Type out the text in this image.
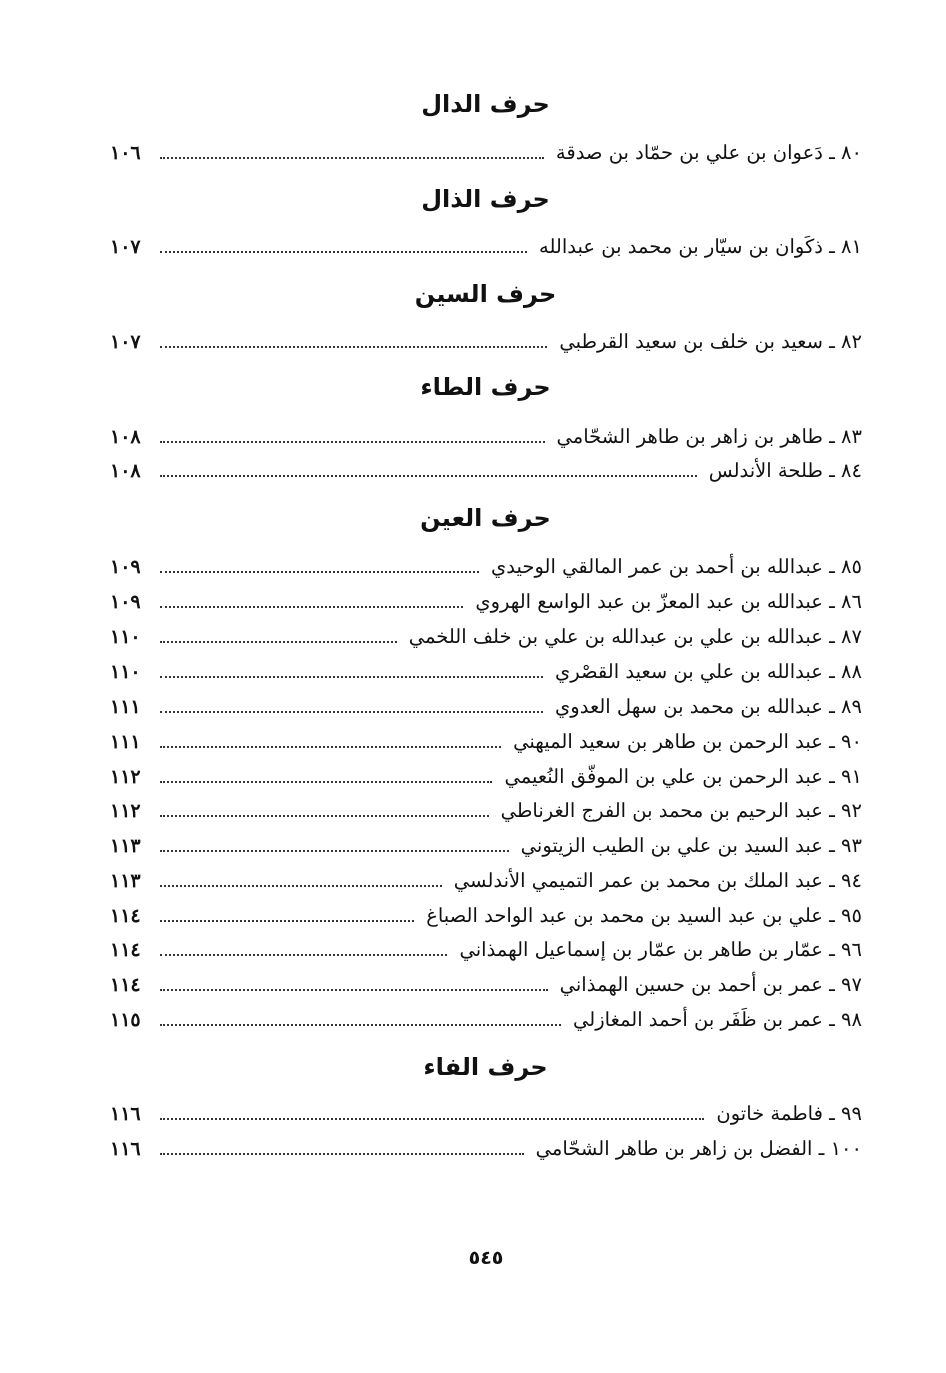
حرف الدال
٨٠ ـ دَعوان بن علي بن حمّاد بن صدقة
١٠٦
حرف الذال
٨١ ـ ذكَوان بن سيّار بن محمد بن عبدالله
١٠٧
حرف السين
٨٢ ـ سعيد بن خلف بن سعيد القرطبي
١٠٧
حرف الطاء
٨٣ ـ طاهر بن زاهر بن طاهر الشحّامي
١٠٨
٨٤ ـ طلحة الأندلس
١٠٨
حرف العين
٨٥ ـ عبدالله بن أحمد بن عمر المالقي الوحيدي
١٠٩
٨٦ ـ عبدالله بن عبد المعزّ بن عبد الواسع الهروي
١٠٩
٨٧ ـ عبدالله بن علي بن عبدالله بن علي بن خلف اللخمي
١١٠
٨٨ ـ عبدالله بن علي بن سعيد القصْري
١١٠
٨٩ ـ عبدالله بن محمد بن سهل العدوي
١١١
٩٠ ـ عبد الرحمن بن طاهر بن سعيد الميهني
١١١
٩١ ـ عبد الرحمن بن علي بن الموفّق النُعيمي
١١٢
٩٢ ـ عبد الرحيم بن محمد بن الفرج الغرناطي
١١٢
٩٣ ـ عبد السيد بن علي بن الطيب الزيتوني
١١٣
٩٤ ـ عبد الملك بن محمد بن عمر التميمي الأندلسي
١١٣
٩٥ ـ علي بن عبد السيد بن محمد بن عبد الواحد الصباغ
١١٤
٩٦ ـ عمّار بن طاهر بن عمّار بن إسماعيل الهمذاني
١١٤
٩٧ ـ عمر بن أحمد بن حسين الهمذاني
١١٤
٩٨ ـ عمر بن ظَفَر بن أحمد المغازلي
١١٥
حرف الفاء
٩٩ ـ فاطمة خاتون
١١٦
١٠٠ ـ الفضل بن زاهر بن طاهر الشحّامي
١١٦
٥٤٥
